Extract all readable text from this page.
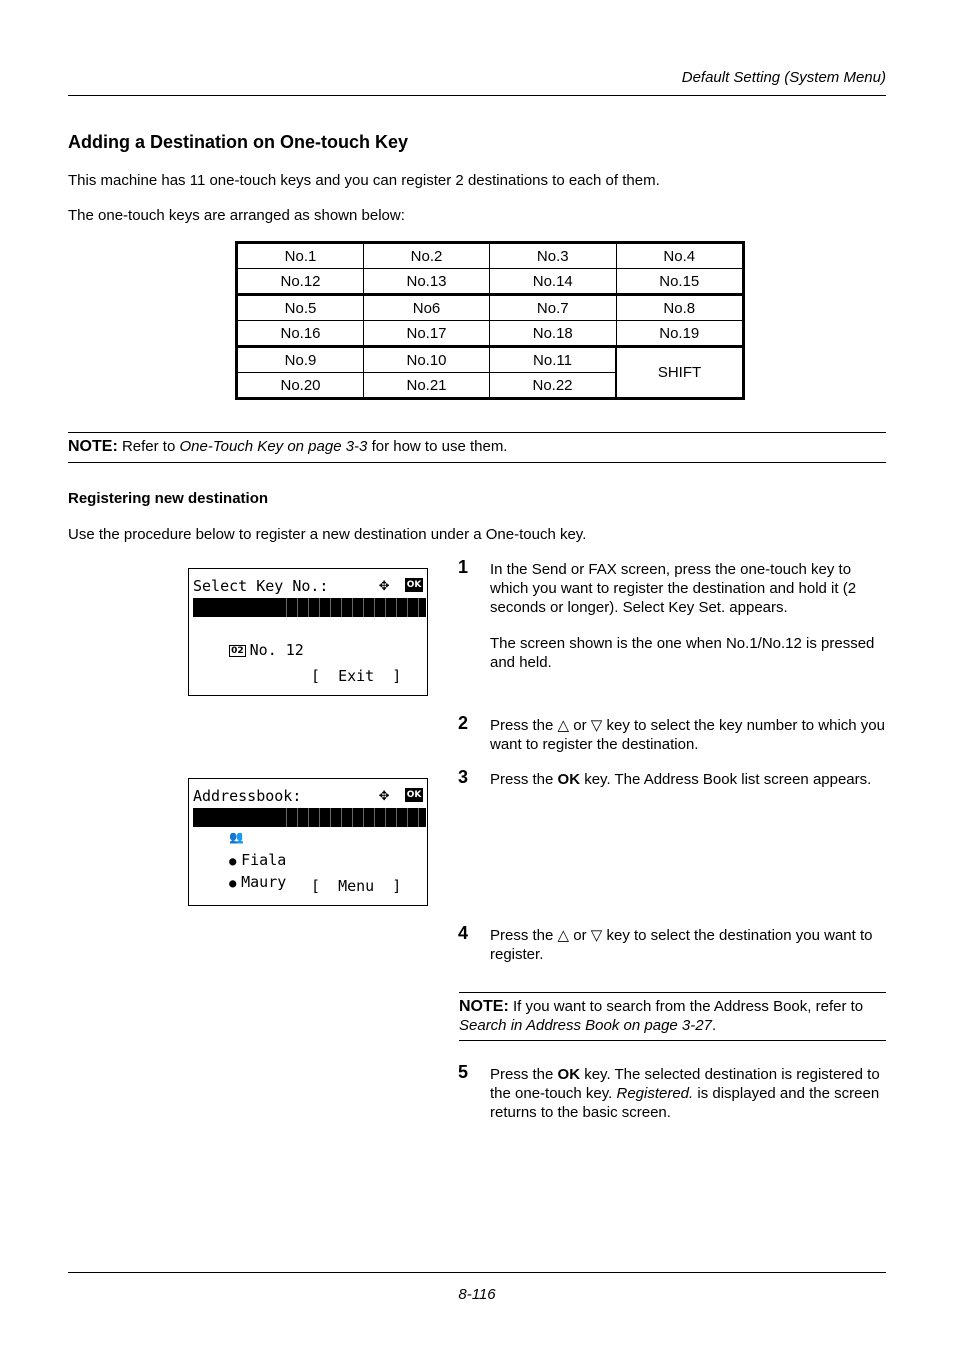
Default Setting (System Menu)
Adding a Destination on One-touch Key
This machine has 11 one-touch keys and you can register 2 destinations to each of them.
The one-touch keys are arranged as shown below:
No.1	No.2	No.3	No.4
No.12	No.13	No.14	No.15
No.5	No6	No.7	No.8
No.16	No.17	No.18	No.19
No.9	No.10	No.11	SHIFT
No.20	No.21	No.22	
NOTE: Refer to One-Touch Key on page 3-3 for how to use them.
Registering new destination
Use the procedure below to register a new destination under a One-touch key.
Select Key No.:	✥ OK

01 No. 1

02 No. 12

[  Exit  ]
Addressbook:	✥ OK

👥Design

● Fiala

● Maury
[  Menu  ]
1 In the Send or FAX screen, press the one-touch key to which you want to register the destination and hold it (2 seconds or longer). Select Key Set. appears.
The screen shown is the one when No.1/No.12 is pressed and held.
2 Press the △ or ▽ key to select the key number to which you want to register the destination.
3 Press the OK key. The Address Book list screen appears.
4 Press the △ or ▽ key to select the destination you want to register.
NOTE: If you want to search from the Address Book, refer to Search in Address Book on page 3-27.
5 Press the OK key. The selected destination is registered to the one-touch key. Registered. is displayed and the screen returns to the basic screen.
8-116
